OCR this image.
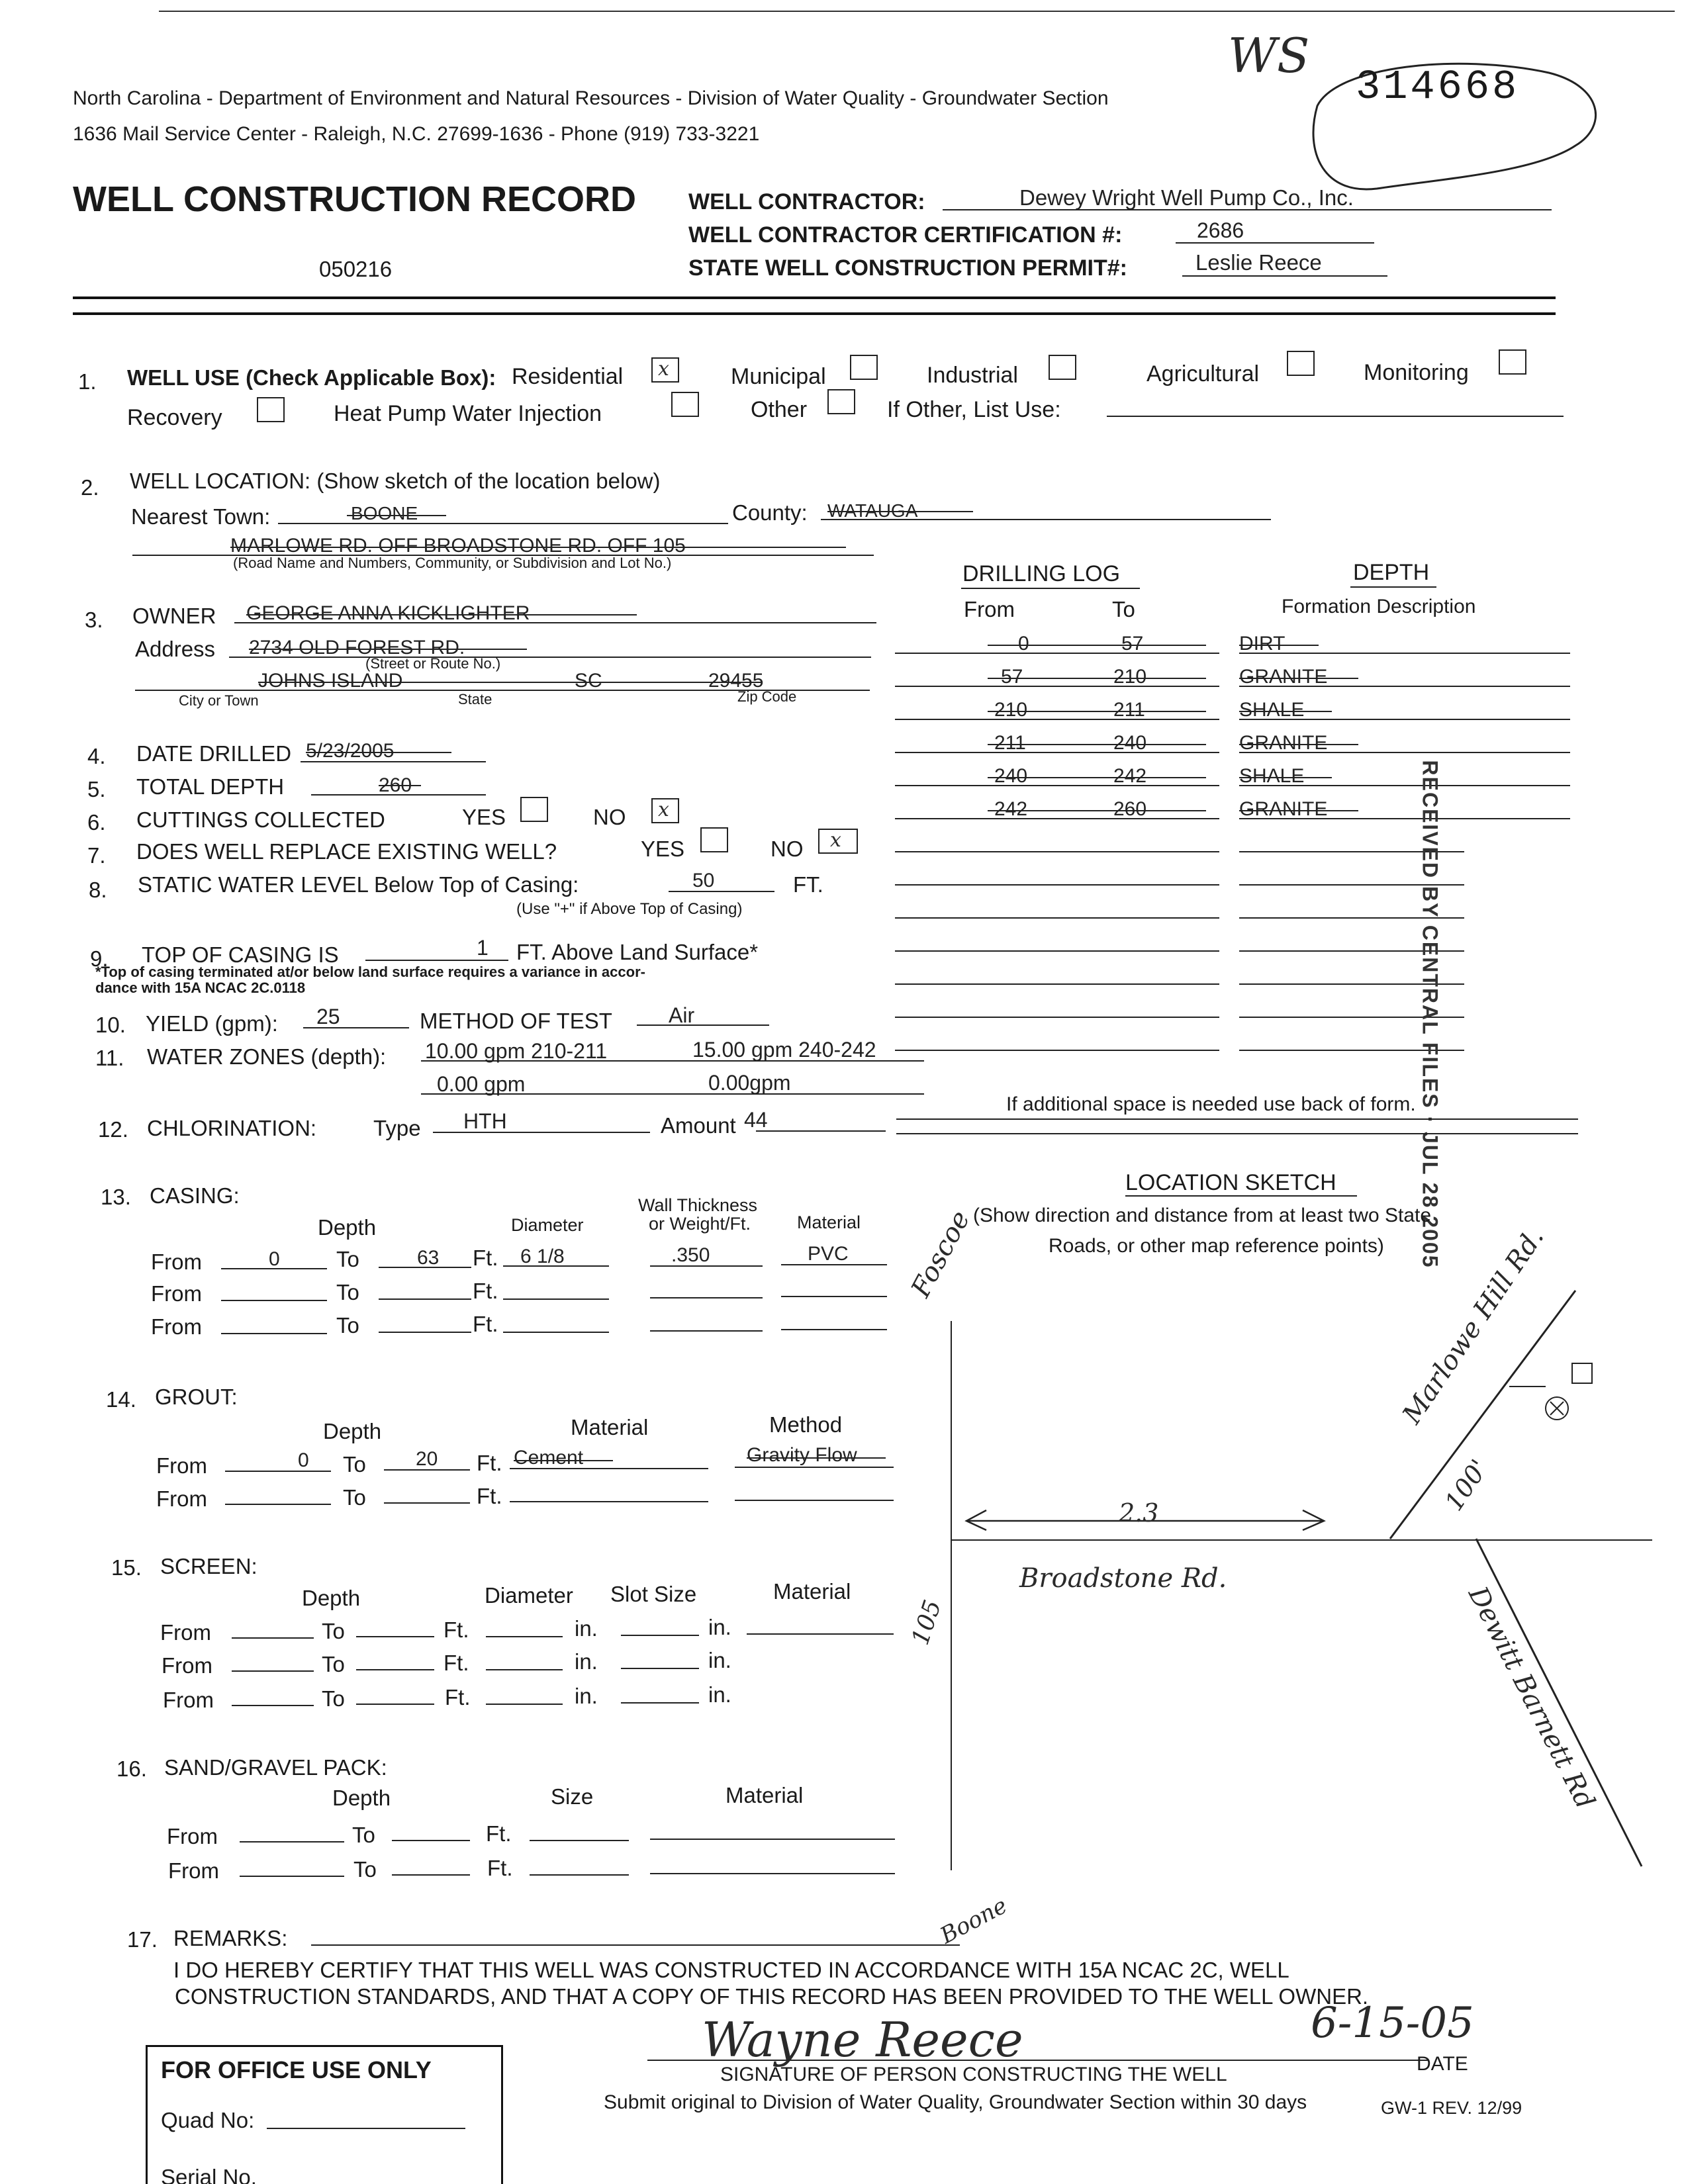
North Carolina - Department of Environment and Natural Resources - Division of Water Quality - Groundwater Section
1636 Mail Service Center - Raleigh, N.C. 27699-1636 - Phone (919) 733-3221
WS
314668
WELL CONSTRUCTION RECORD
050216
WELL CONTRACTOR:	Dewey Wright Well Pump Co., Inc.
WELL CONTRACTOR CERTIFICATION #:	2686
STATE WELL CONSTRUCTION PERMIT#:	Leslie Reece
1. WELL USE (Check Applicable Box): Residential x	Municipal	Industrial	Agricultural	Monitoring
Recovery	Heat Pump Water Injection	Other	If Other, List Use:
2. WELL LOCATION: (Show sketch of the location below)
Nearest Town:	BOONE	County: WATAUGA
MARLOWE RD. OFF BROADSTONE RD. OFF 105
(Road Name and Numbers, Community, or Subdivision and Lot No.)
3. OWNER GEORGE ANNA KICKLIGHTER
Address 2734 OLD FOREST RD.
(Street or Route No.)
JOHNS ISLAND	SC	29455
City or Town	State	Zip Code
4. DATE DRILLED 5/23/2005
5. TOTAL DEPTH	260
6. CUTTINGS COLLECTED	YES	NO x
7. DOES WELL REPLACE EXISTING WELL?	YES	NO x
8. STATIC WATER LEVEL Below Top of Casing:	50	FT.
(Use "+" if Above Top of Casing)
9. TOP OF CASING IS	1 FT. Above Land Surface*
*Top of casing terminated at/or below land surface requires a variance in accor-
dance with 15A NCAC 2C.0118
10. YIELD (gpm): 25	METHOD OF TEST	Air
11. WATER ZONES (depth): 10.00 gpm 210-211	15.00 gpm 240-242
0.00 gpm	0.00gpm
12. CHLORINATION:	Type HTH	Amount 44
DRILLING LOG	DEPTH
From	To	Formation Description
0	57	DIRT
57	210	GRANITE
210	211	SHALE
211	240	GRANITE
240	242	SHALE
242	260	GRANITE	RECEIVED BY CENTRAL FILES · JUL 28 2005
If additional space is needed use back of form.
13. CASING:
Depth	Diameter
Wall Thickness
or Weight/Ft.	Material
From	0	To	63 Ft. 6 1/8	.350	PVC
From	To	Ft.
From	To	Ft.
14. GROUT:
Depth	Material	Method
From	0 To	20 Ft. Cement	Gravity Flow
From	To	Ft.
15. SCREEN:
Depth	Diameter Slot Size	Material
From	To	Ft.	in.	in.
From	To	Ft.	in.	in.
From	To	Ft.	in.	in.
16. SAND/GRAVEL PACK:
Depth	Size	Material
From	To	Ft.
From	To	Ft.
LOCATION SKETCH
(Show direction and distance from at least two State
Roads, or other map reference points) Marlowe Hill Rd.
100'
2.3
Broadstone Rd.
Dewitt Barnett Rd
Foscoe
105
Boone
17. REMARKS:
I DO HEREBY CERTIFY THAT THIS WELL WAS CONSTRUCTED IN ACCORDANCE WITH 15A NCAC 2C, WELL
CONSTRUCTION STANDARDS, AND THAT A COPY OF THIS RECORD HAS BEEN PROVIDED TO THE WELL OWNER.
Wayne Reece	6-15-05
SIGNATURE OF PERSON CONSTRUCTING THE WELL	DATE
Submit original to Division of Water Quality, Groundwater Section within 30 days	GW-1 REV. 12/99
FOR OFFICE USE ONLY
Quad No:
Serial No.
